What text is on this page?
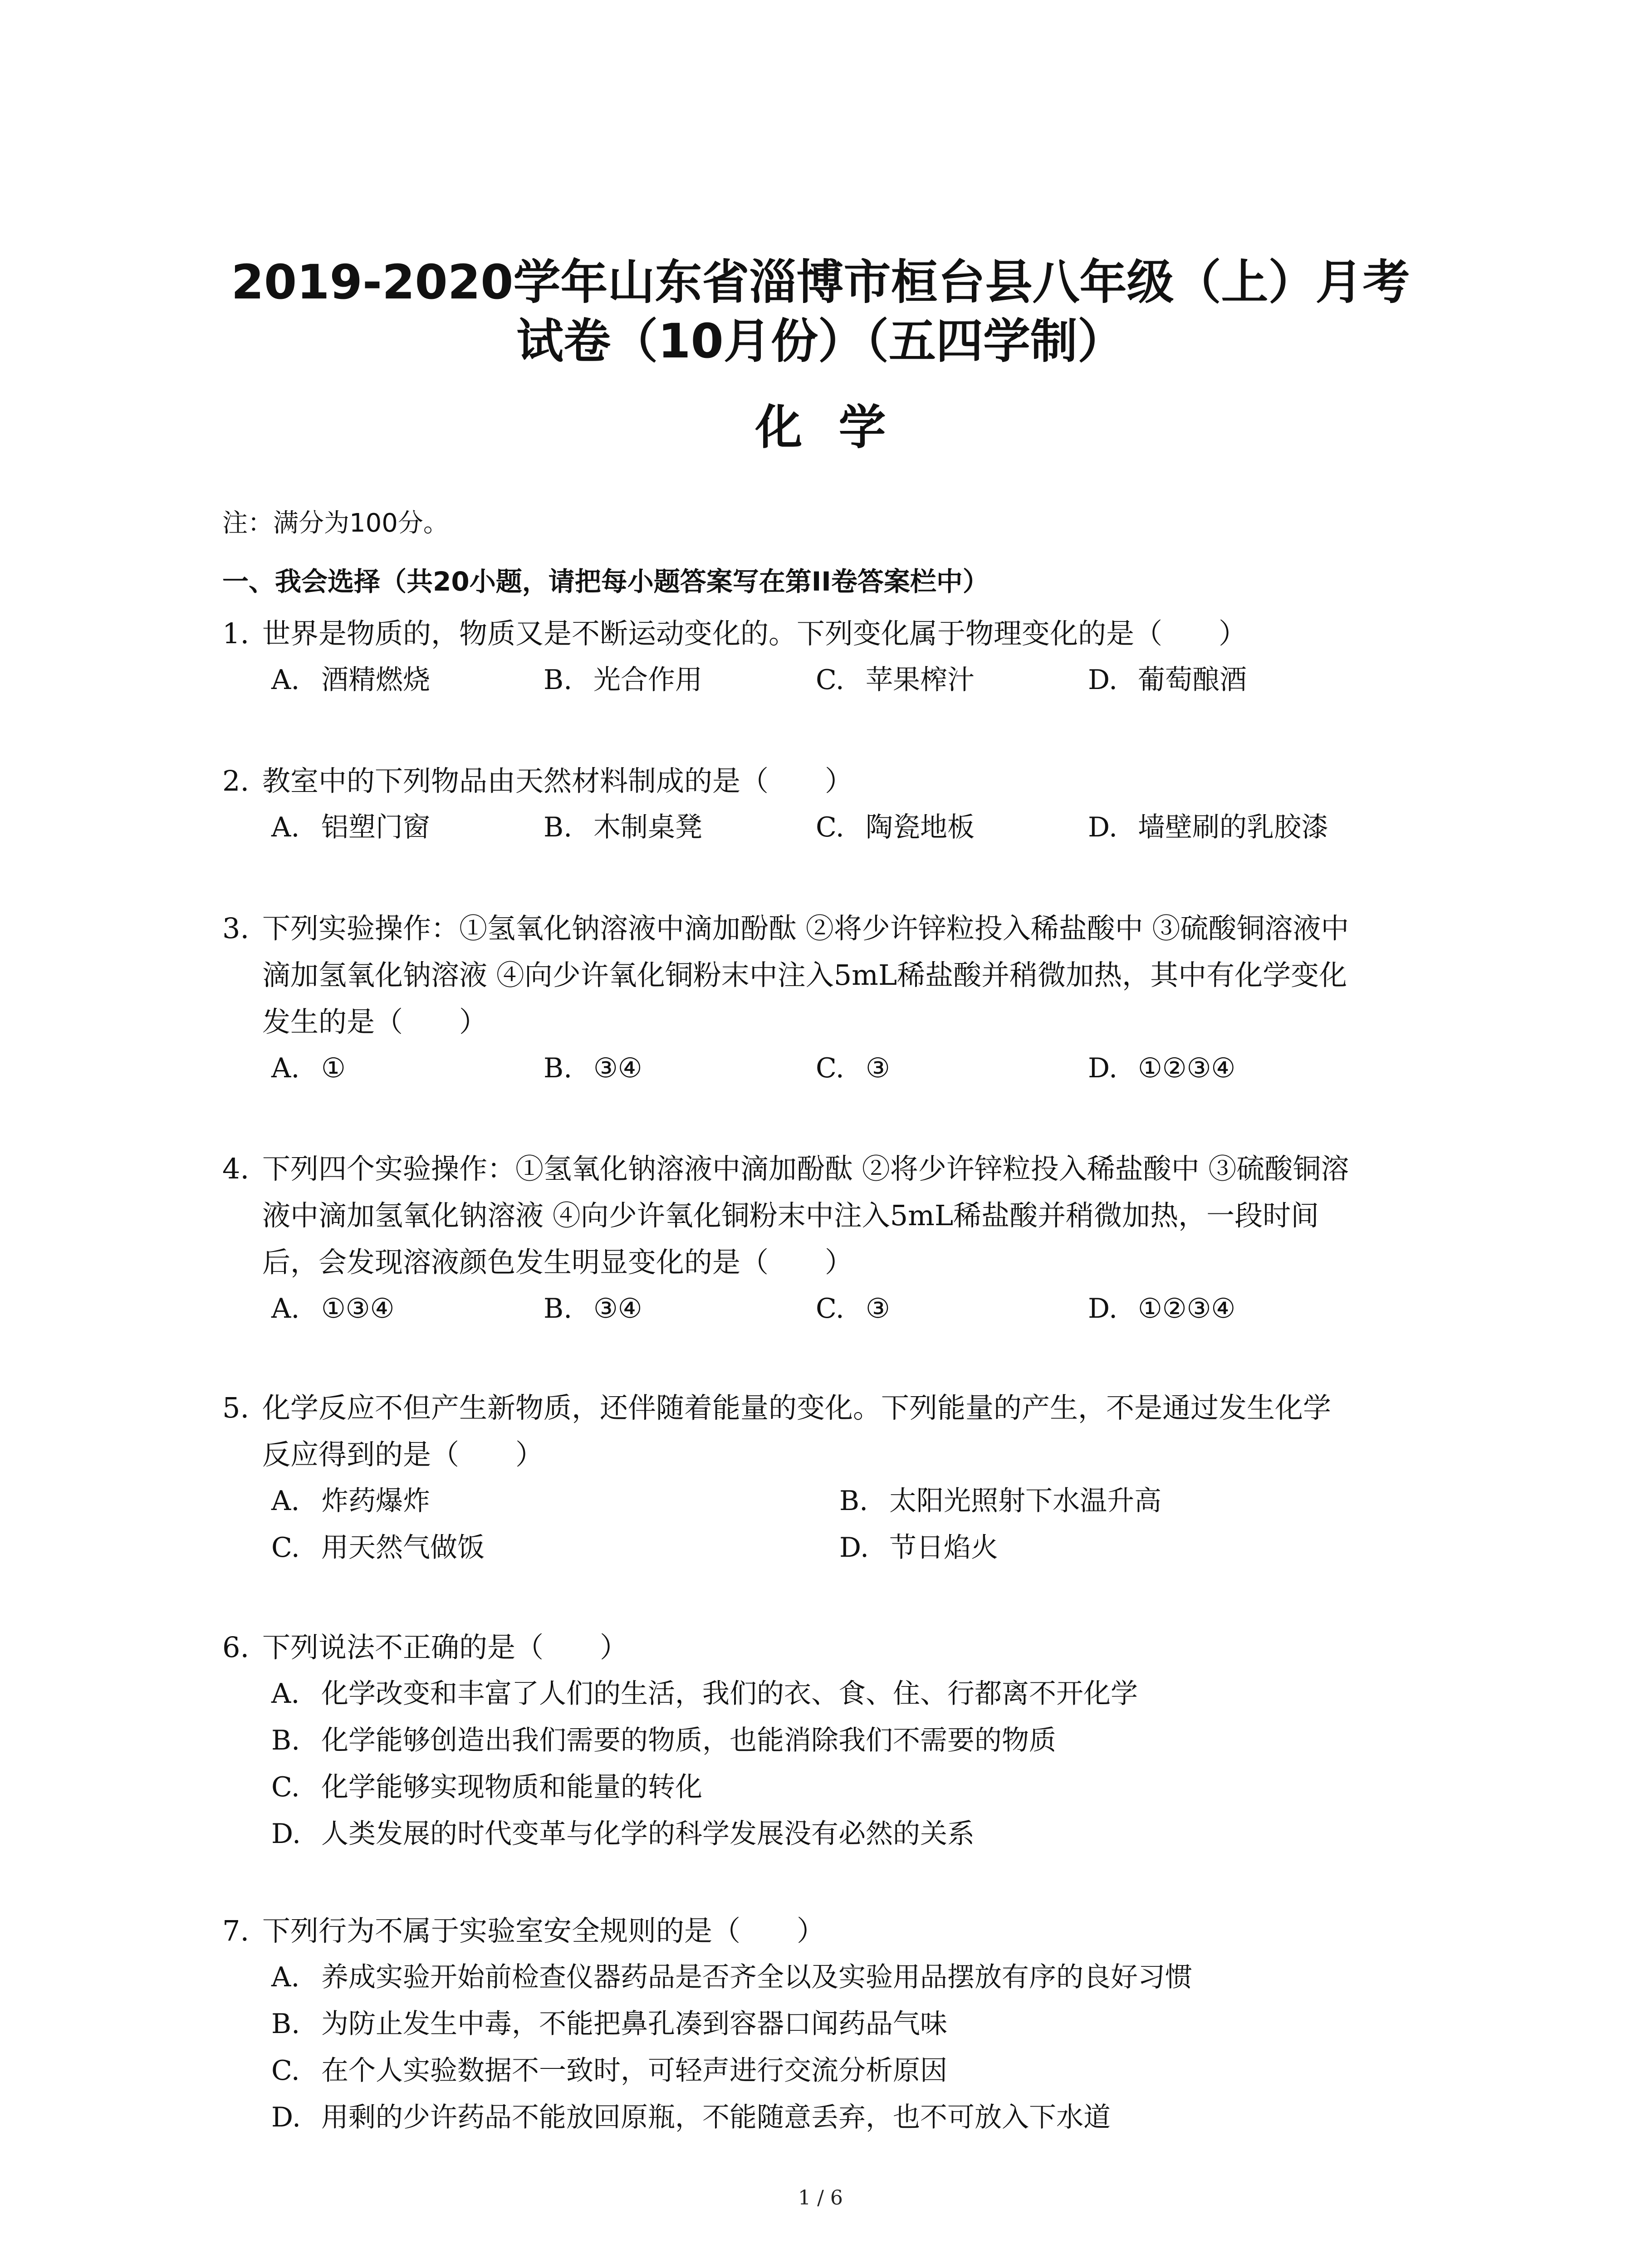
2019-2020学年山东省淄博市桓台县八年级（上）月考
试卷（10月份）（五四学制）
化学
注：满分为100分。
一、我会选择（共20小题，请把每小题答案写在第II卷答案栏中）
1. 世界是物质的，物质又是不断运动变化的。下列变化属于物理变化的是（　　）
A. 酒精燃烧	B. 光合作用	C. 苹果榨汁	D. 葡萄酿酒
2. 教室中的下列物品由天然材料制成的是（　　）
A. 铝塑门窗	B. 木制桌凳	C. 陶瓷地板	D. 墙壁刷的乳胶漆
3. 下列实验操作：①氢氧化钠溶液中滴加酚酞 ②将少许锌粒投入稀盐酸中 ③硫酸铜溶液中
滴加氢氧化钠溶液 ④向少许氧化铜粉末中注入5mL稀盐酸并稍微加热，其中有化学变化
发生的是（　　）
A. ①	B. ③④	C. ③	D. ①②③④
4. 下列四个实验操作：①氢氧化钠溶液中滴加酚酞 ②将少许锌粒投入稀盐酸中 ③硫酸铜溶
液中滴加氢氧化钠溶液 ④向少许氧化铜粉末中注入5mL稀盐酸并稍微加热，一段时间
后，会发现溶液颜色发生明显变化的是（　　）
A. ①③④	B. ③④	C. ③	D. ①②③④
5. 化学反应不但产生新物质，还伴随着能量的变化。下列能量的产生，不是通过发生化学
反应得到的是（　　）
A. 炸药爆炸	B. 太阳光照射下水温升高
C. 用天然气做饭	D. 节日焰火
6. 下列说法不正确的是（　　）
A. 化学改变和丰富了人们的生活，我们的衣、食、住、行都离不开化学
B. 化学能够创造出我们需要的物质，也能消除我们不需要的物质
C. 化学能够实现物质和能量的转化
D. 人类发展的时代变革与化学的科学发展没有必然的关系
7. 下列行为不属于实验室安全规则的是（　　）
A. 养成实验开始前检查仪器药品是否齐全以及实验用品摆放有序的良好习惯
B. 为防止发生中毒，不能把鼻孔凑到容器口闻药品气味
C. 在个人实验数据不一致时，可轻声进行交流分析原因
D. 用剩的少许药品不能放回原瓶，不能随意丢弃，也不可放入下水道
1 / 6
